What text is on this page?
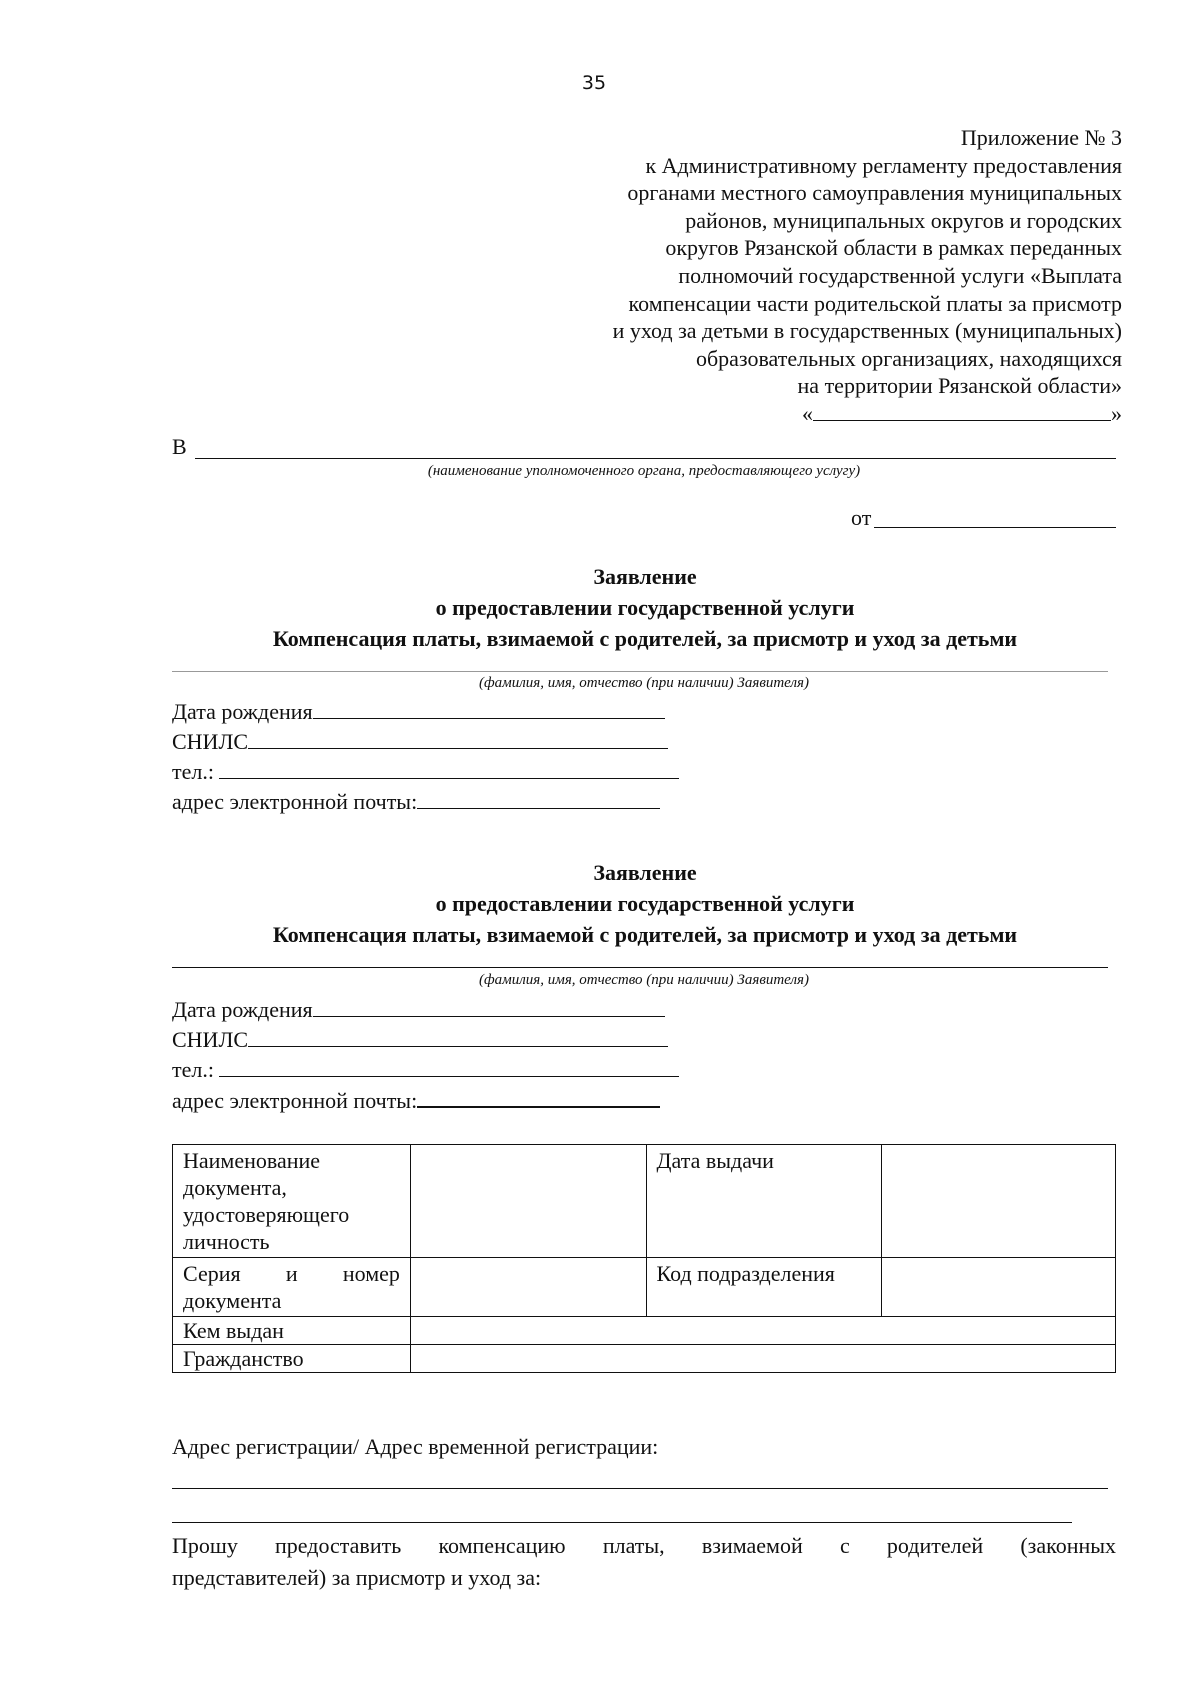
35
Приложение № 3
к Административному регламенту предоставления
органами местного самоуправления муниципальных
районов, муниципальных округов и городских
округов Рязанской области в рамках переданных
полномочий государственной услуги «Выплата
компенсации части родительской платы за присмотр
и уход за детьми в государственных (муниципальных)
образовательных организациях, находящихся
на территории Рязанской области»
«	»
В
(наименование уполномоченного органа, предоставляющего услугу)
от
Заявление
о предоставлении государственной услуги
Компенсация платы, взимаемой с родителей, за присмотр и уход за детьми
(фамилия, имя, отчество (при наличии) Заявителя)
Дата рождения
СНИЛС
тел.:
адрес электронной почты:
Заявление
о предоставлении государственной услуги
Компенсация платы, взимаемой с родителей, за присмотр и уход за детьми
(фамилия, имя, отчество (при наличии) Заявителя)
Дата рождения
СНИЛС
тел.:
адрес электронной почты:
Наименование
документа,
удостоверяющего
личность		Дата выдачи	

Серия и номер
документа		Код подразделения	
Кем выдан			
Гражданство			
Адрес регистрации/ Адрес временной регистрации:
Прошу предоставить компенсацию платы, взимаемой с родителей (законных
представителей) за присмотр и уход за:
